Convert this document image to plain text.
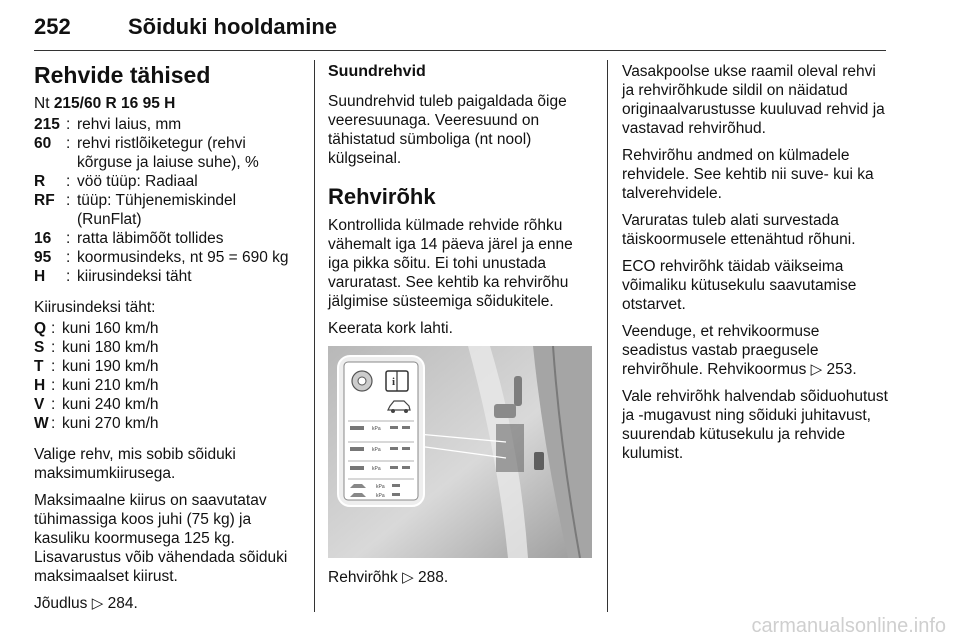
252	Sõiduki hooldamine
Rehvide tähised

Nt 215/60 R 16 95 H

215 : rehvi laius, mm
60 : rehvi ristlõiketegur (rehvi kõrguse ja laiuse suhe), %
R	: vöö tüüp: Radiaal
RF : tüüp: Tühjenemiskindel (RunFlat)
16 : ratta läbimõõt tollides
95 : koormusindeks, nt 95 = 690 kg
H	: kiirusindeksi täht

Kiirusindeksi täht:

Q : kuni 160 km/h
S : kuni 180 km/h
T : kuni 190 km/h
H : kuni 210 km/h
V : kuni 240 km/h
W : kuni 270 km/h

Valige rehv, mis sobib sõiduki maksimumkiirusega.

Maksimaalne kiirus on saavutatav tühimassiga koos juhi (75 kg) ja kasuliku koormusega 125 kg. Lisavarustus võib vähendada sõiduki maksimaalset kiirust.

Jõudlus ▷ 284.

Suundrehvid

Suundrehvid tuleb paigaldada õige veeresuunaga. Veeresuund on tähistatud sümboliga (nt nool) külgseinal.

Rehvirõhk

Kontrollida külmade rehvide rõhku vähemalt iga 14 päeva järel ja enne iga pikka sõitu. Ei tohi unustada varuratast. See kehtib ka rehvirõhu jälgimise süsteemiga sõidukitele.

Keerata kork lahti.

i
kPa
kPa
kPa
kPa
kPa

Rehvirõhk ▷ 288.

Vasakpoolse ukse raamil oleval rehvi ja rehvirõhkude sildil on näidatud originaalvarustusse kuuluvad rehvid ja vastavad rehvirõhud.

Rehvirõhu andmed on külmadele rehvidele. See kehtib nii suve- kui ka talverehvidele.

Varuratas tuleb alati survestada täiskoormusele ettenähtud rõhuni.

ECO rehvirõhk täidab väikseima võimaliku kütusekulu saavutamise otstarvet.

Veenduge, et rehvikoormuse seadistus vastab praegusele rehvirõhule. Rehvikoormus ▷ 253.

Vale rehvirõhk halvendab sõiduohutust ja -mugavust ning sõiduki juhitavust, suurendab kütusekulu ja rehvide kulumist.

carmanualsonline.info
